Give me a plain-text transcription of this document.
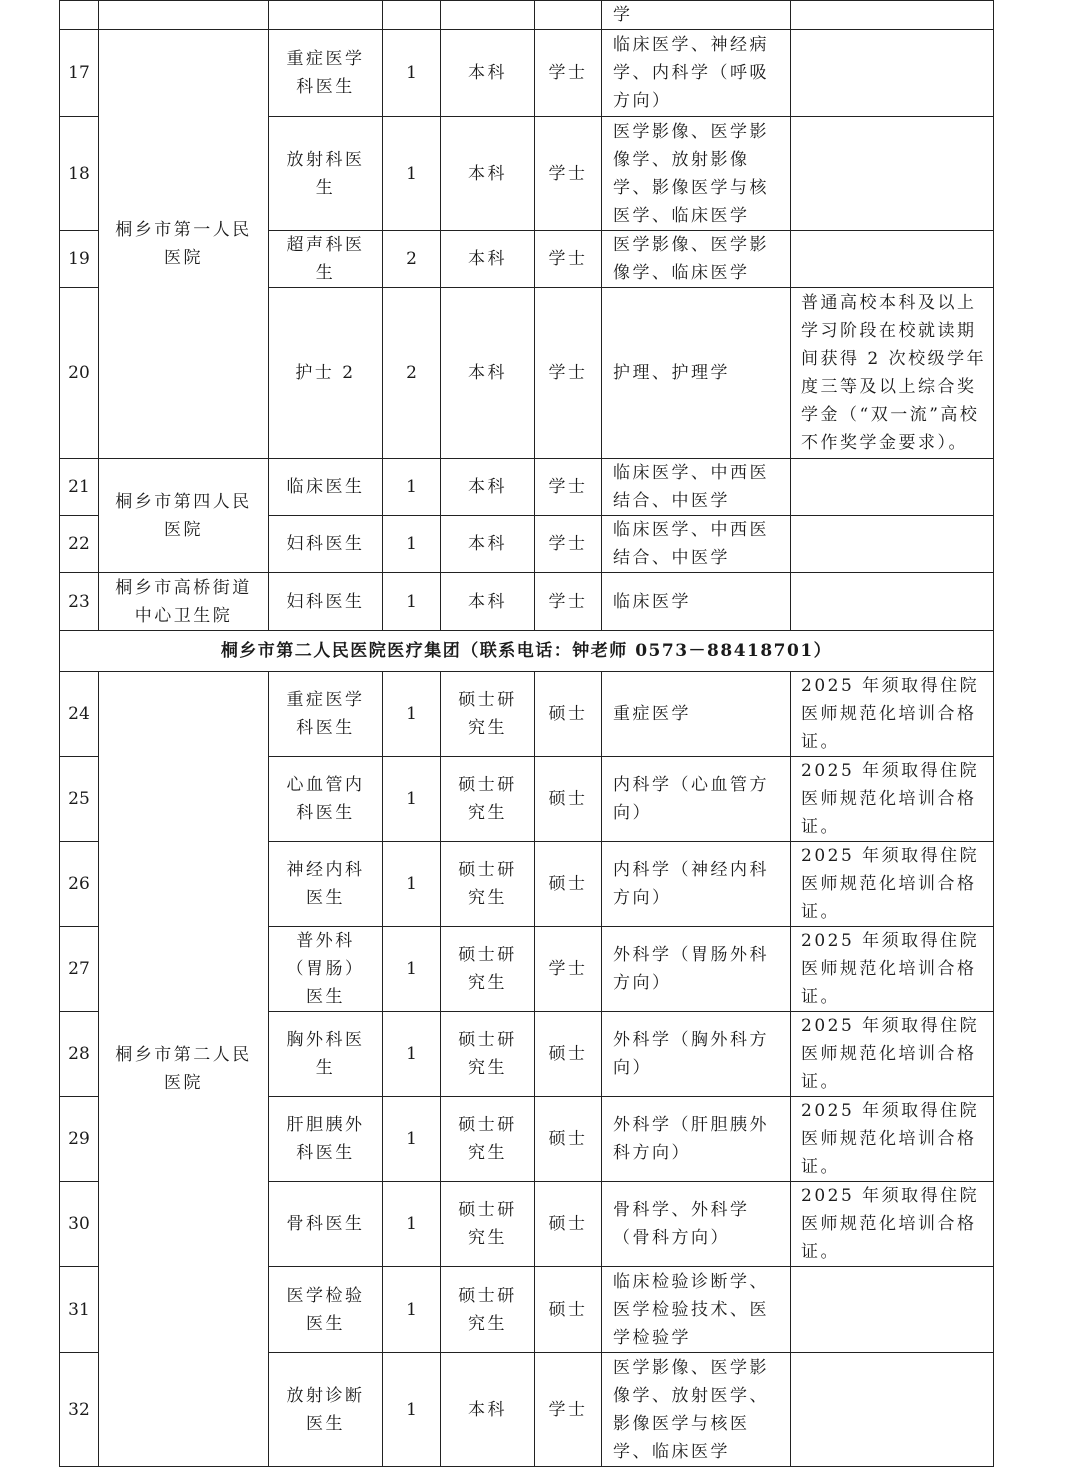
						学	
17	桐乡市第一人民医院	重症医学科医生	1	本科	学士	临床医学、神经病学、内科学（呼吸方向）	
18		放射科医生	1	本科	学士	医学影像、医学影像学、放射影像学、影像医学与核医学、临床医学	
19		超声科医生	2	本科	学士	医学影像、医学影像学、临床医学	
20		护士 2	2	本科	学士	护理、护理学	普通高校本科及以上学习阶段在校就读期间获得 2 次校级学年度三等及以上综合奖学金（“双一流”高校不作奖学金要求）。
21	桐乡市第四人民医院	临床医生	1	本科	学士	临床医学、中西医结合、中医学	
22		妇科医生	1	本科	学士	临床医学、中西医结合、中医学	
23	桐乡市高桥街道中心卫生院	妇科医生	1	本科	学士	临床医学	
桐乡市第二人民医院医疗集团（联系电话：钟老师 0573－88418701）							
24	桐乡市第二人民医院	重症医学科医生	1	硕士研究生	硕士	重症医学	2025 年须取得住院医师规范化培训合格证。
25		心血管内科医生	1	硕士研究生	硕士	内科学（心血管方向）	2025 年须取得住院医师规范化培训合格证。
26		神经内科医生	1	硕士研究生	硕士	内科学（神经内科方向）	2025 年须取得住院医师规范化培训合格证。
27		普外科（胃肠）医生	1	硕士研究生	学士	外科学（胃肠外科方向）	2025 年须取得住院医师规范化培训合格证。
28		胸外科医生	1	硕士研究生	硕士	外科学（胸外科方向）	2025 年须取得住院医师规范化培训合格证。
29		肝胆胰外科医生	1	硕士研究生	硕士	外科学（肝胆胰外科方向）	2025 年须取得住院医师规范化培训合格证。
30		骨科医生	1	硕士研究生	硕士	骨科学、外科学（骨科方向）	2025 年须取得住院医师规范化培训合格证。
31		医学检验医生	1	硕士研究生	硕士	临床检验诊断学、医学检验技术、医学检验学	
32		放射诊断医生	1	本科	学士	医学影像、医学影像学、放射医学、影像医学与核医学、临床医学	
